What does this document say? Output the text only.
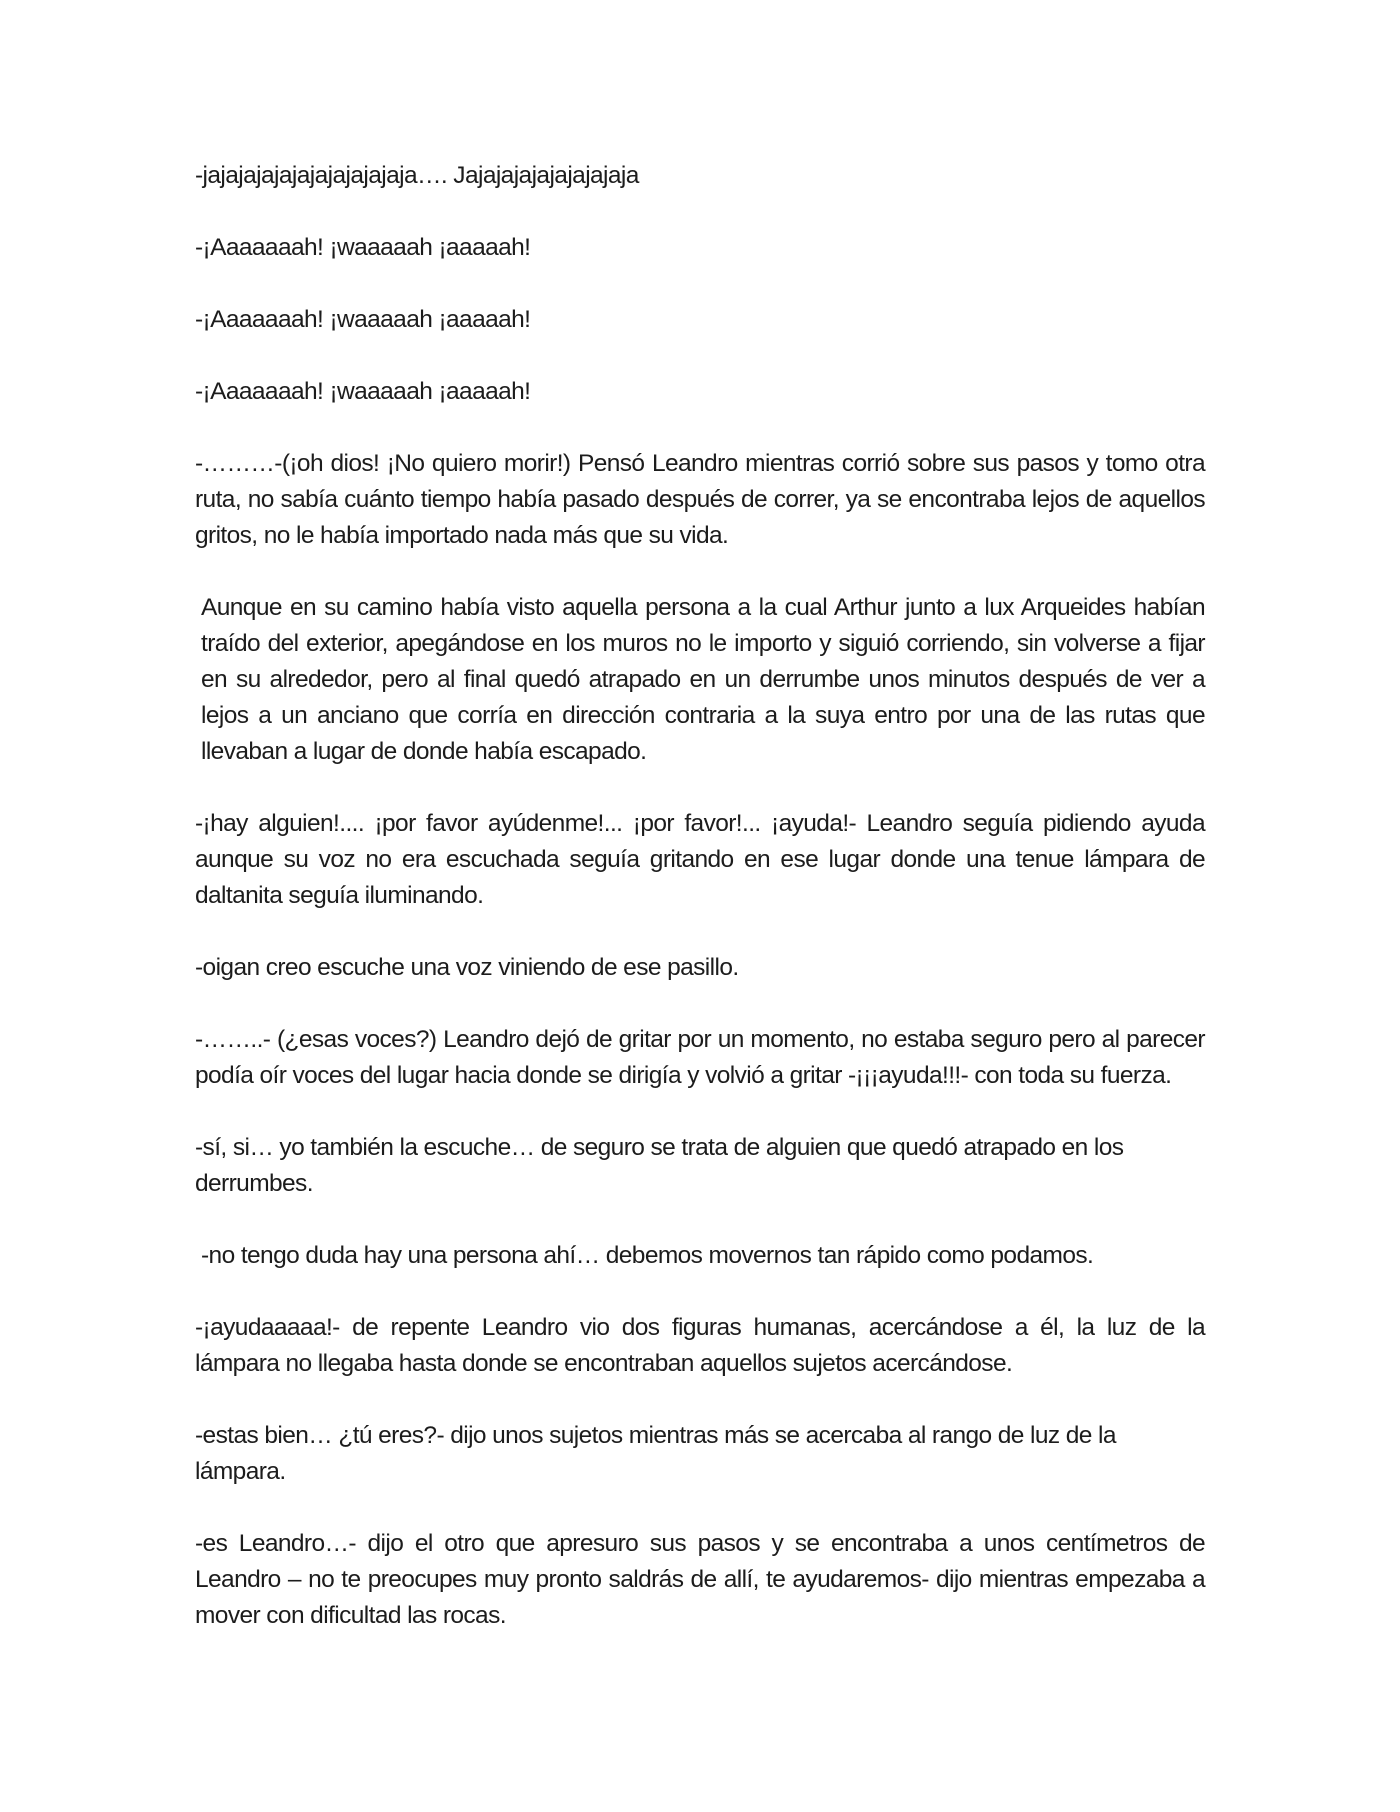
-jajajajajajajajajajajaja…. Jajajajajajajajajaja

-¡Aaaaaaah! ¡waaaaah ¡aaaaah!

-¡Aaaaaaah! ¡waaaaah ¡aaaaah!

-¡Aaaaaaah! ¡waaaaah ¡aaaaah!

-………-(¡oh dios! ¡No quiero morir!) Pensó Leandro mientras corrió sobre sus pasos y tomo otra ruta, no sabía cuánto tiempo había pasado después de correr, ya se encontraba lejos de aquellos gritos, no le había importado nada más que su vida.

Aunque en su camino había visto aquella persona a la cual Arthur junto a lux Arqueides habían traído del exterior, apegándose en los muros no le importo y siguió corriendo, sin volverse a fijar en su alrededor, pero al final quedó atrapado en un derrumbe unos minutos después de ver a lejos a un anciano que corría en dirección contraria a la suya entro por una de las rutas que llevaban a lugar de donde había escapado.

-¡hay alguien!.... ¡por favor ayúdenme!... ¡por favor!... ¡ayuda!- Leandro seguía pidiendo ayuda aunque su voz no era escuchada seguía gritando en ese lugar donde una tenue lámpara de daltanita seguía iluminando.

-oigan creo escuche una voz viniendo de ese pasillo.

-……..- (¿esas voces?) Leandro dejó de gritar por un momento, no estaba seguro pero al parecer podía oír voces del lugar hacia donde se dirigía y volvió a gritar -¡¡¡ayuda!!!- con toda su fuerza.

-sí, si… yo también la escuche… de seguro se trata de alguien que quedó atrapado en los derrumbes.

-no tengo duda hay una persona ahí… debemos movernos tan rápido como podamos.

-¡ayudaaaaa!- de repente Leandro vio dos figuras humanas, acercándose a él, la luz de la lámpara no llegaba hasta donde se encontraban aquellos sujetos acercándose.

-estas bien… ¿tú eres?- dijo unos sujetos mientras más se acercaba al rango de luz de la lámpara.

-es Leandro…- dijo el otro que apresuro sus pasos y se encontraba a unos centímetros de Leandro – no te preocupes muy pronto saldrás de allí, te ayudaremos- dijo mientras empezaba a mover con dificultad las rocas.
